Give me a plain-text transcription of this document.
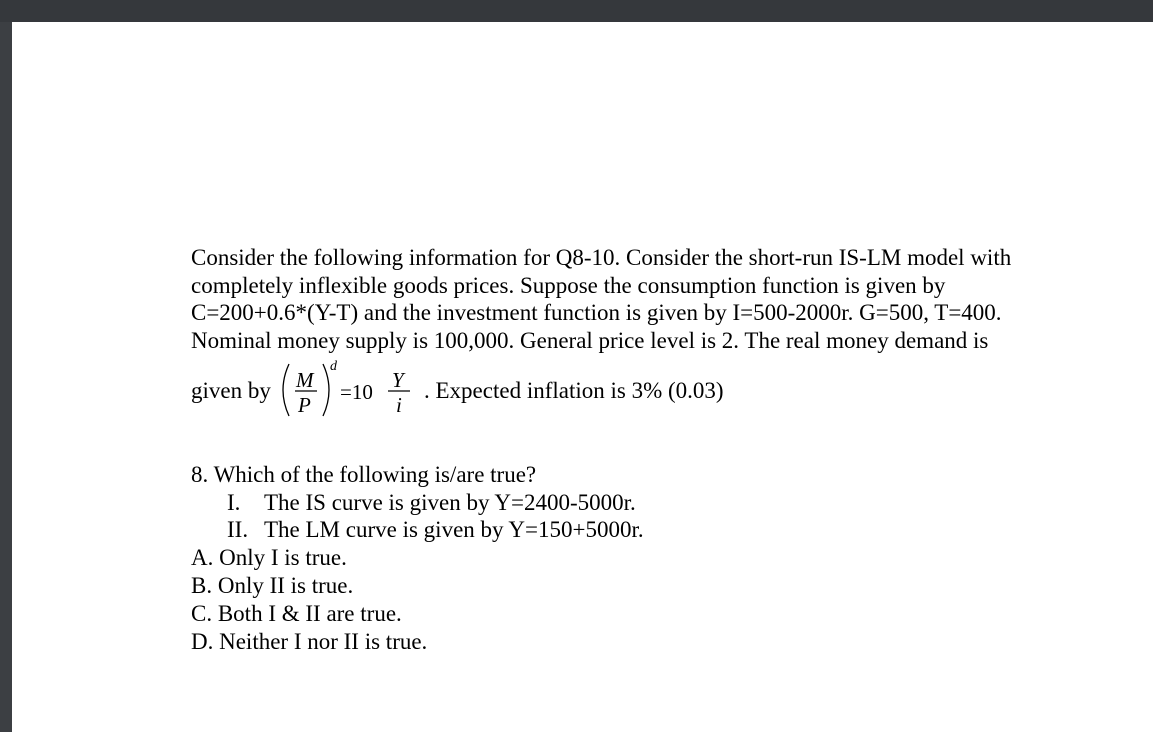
Consider the following information for Q8-10. Consider the short-run IS-LM model with
completely inflexible goods prices. Suppose the consumption function is given by
C=200+0.6*(Y-T) and the investment function is given by I=500-2000r. G=500, T=400.
Nominal money supply is 100,000. General price level is 2. The real money demand is
given by M
P
d
=10 Y
i
. Expected inflation is 3% (0.03)
8. Which of the following is/are true?
I. The IS curve is given by Y=2400-5000r.
II. The LM curve is given by Y=150+5000r.
A. Only I is true.
B. Only II is true.
C. Both I & II are true.
D. Neither I nor II is true.
